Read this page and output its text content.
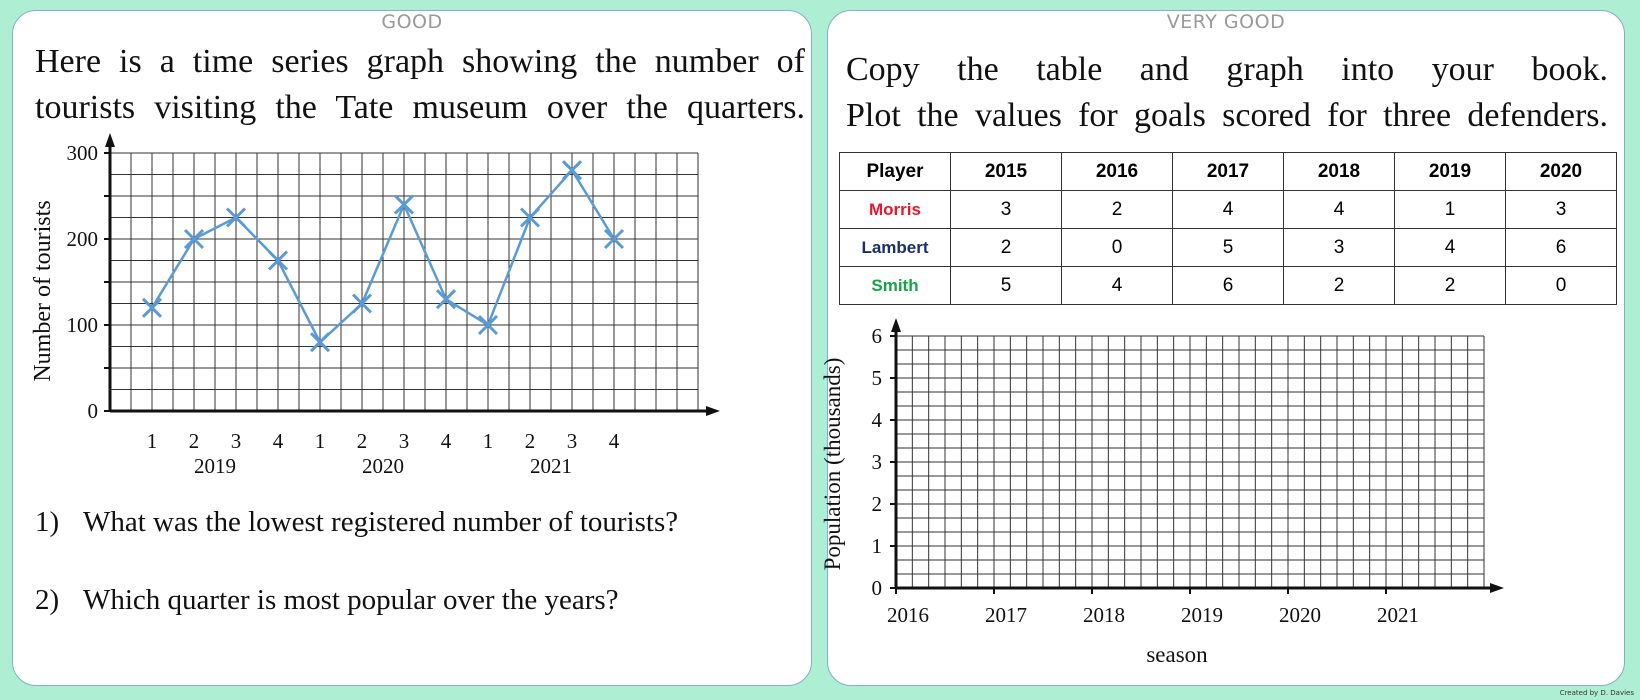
GOOD
Here is a time series graph showing the number of tourists visiting the Tate museum over the quarters.
0
100
200
300
1 2 3 4 1 2 3 4 1 2 3 4
2019	2020	2021
Number of tourists
1) What was the lowest registered number of tourists?
2) Which quarter is most popular over the years?
VERY GOOD
Copy the table and graph into your book.
Plot the values for goals scored for three defenders.
Player	2015	2016	2017	2018	2019	2020
Morris	3	2	4	4	1	3
Lambert	2	0	5	3	4	6
Smith	5	4	6	2	2	0
0
1
2
3
4
5
6
2016	2017	2018	2019	2020	2021
Population (thousands)
season
Created by D. Davies
